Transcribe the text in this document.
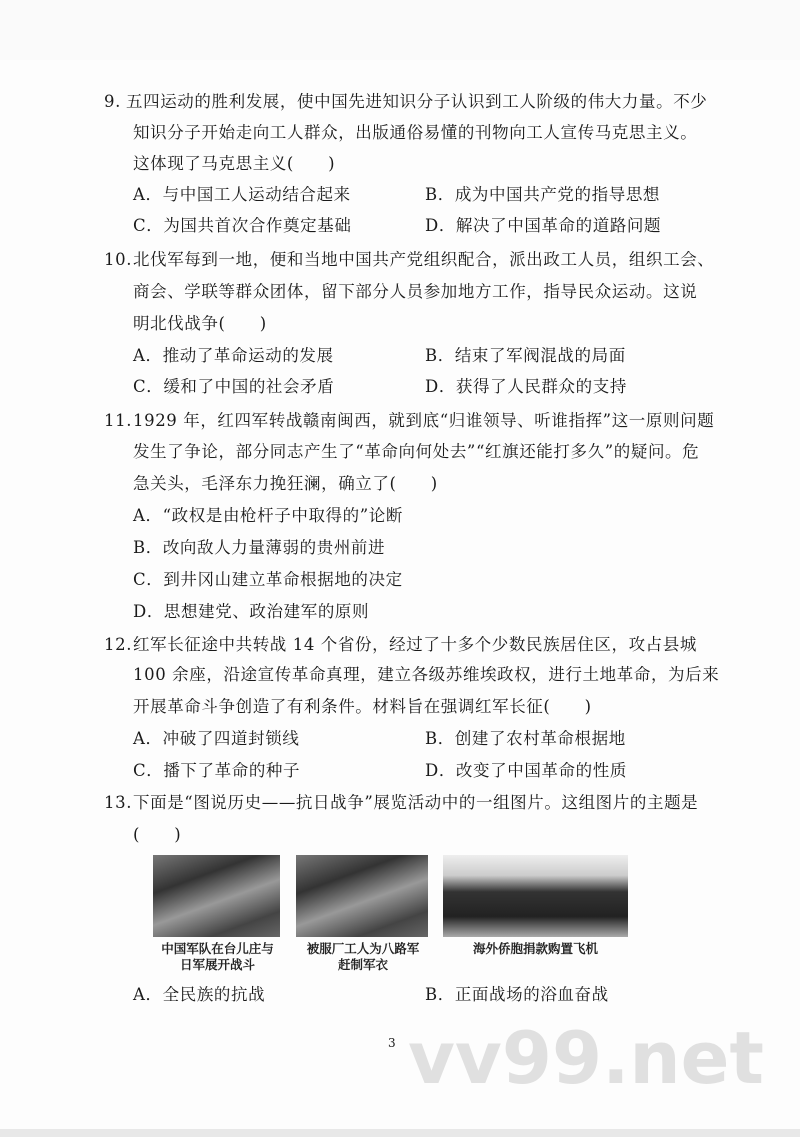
9. 五四运动的胜利发展，使中国先进知识分子认识到工人阶级的伟大力量。不少
知识分子开始走向工人群众，出版通俗易懂的刊物向工人宣传马克思主义。
这体现了马克思主义(　　)
A．与中国工人运动结合起来	B．成为中国共产党的指导思想
C．为国共首次合作奠定基础	D．解决了中国革命的道路问题
10. 北伐军每到一地，便和当地中国共产党组织配合，派出政工人员，组织工会、
商会、学联等群众团体，留下部分人员参加地方工作，指导民众运动。这说
明北伐战争(　　)
A．推动了革命运动的发展	B．结束了军阀混战的局面
C．缓和了中国的社会矛盾	D．获得了人民群众的支持
11. 1929 年，红四军转战赣南闽西，就到底“归谁领导、听谁指挥”这一原则问题
发生了争论，部分同志产生了“革命向何处去”“红旗还能打多久”的疑问。危
急关头，毛泽东力挽狂澜，确立了(　　)
A．“政权是由枪杆子中取得的”论断
B．改向敌人力量薄弱的贵州前进
C．到井冈山建立革命根据地的决定
D．思想建党、政治建军的原则
12. 红军长征途中共转战 14 个省份，经过了十多个少数民族居住区，攻占县城
100 余座，沿途宣传革命真理，建立各级苏维埃政权，进行土地革命，为后来
开展革命斗争创造了有利条件。材料旨在强调红军长征(　　)
A．冲破了四道封锁线	B．创建了农村革命根据地
C．播下了革命的种子	D．改变了中国革命的性质
13. 下面是“图说历史——抗日战争”展览活动中的一组图片。这组图片的主题是
(　　)
中国军队在台儿庄与
日军展开战斗
被服厂工人为八路军
赶制军衣
海外侨胞捐款购置飞机
A．全民族的抗战	B．正面战场的浴血奋战
vv99.net
3
